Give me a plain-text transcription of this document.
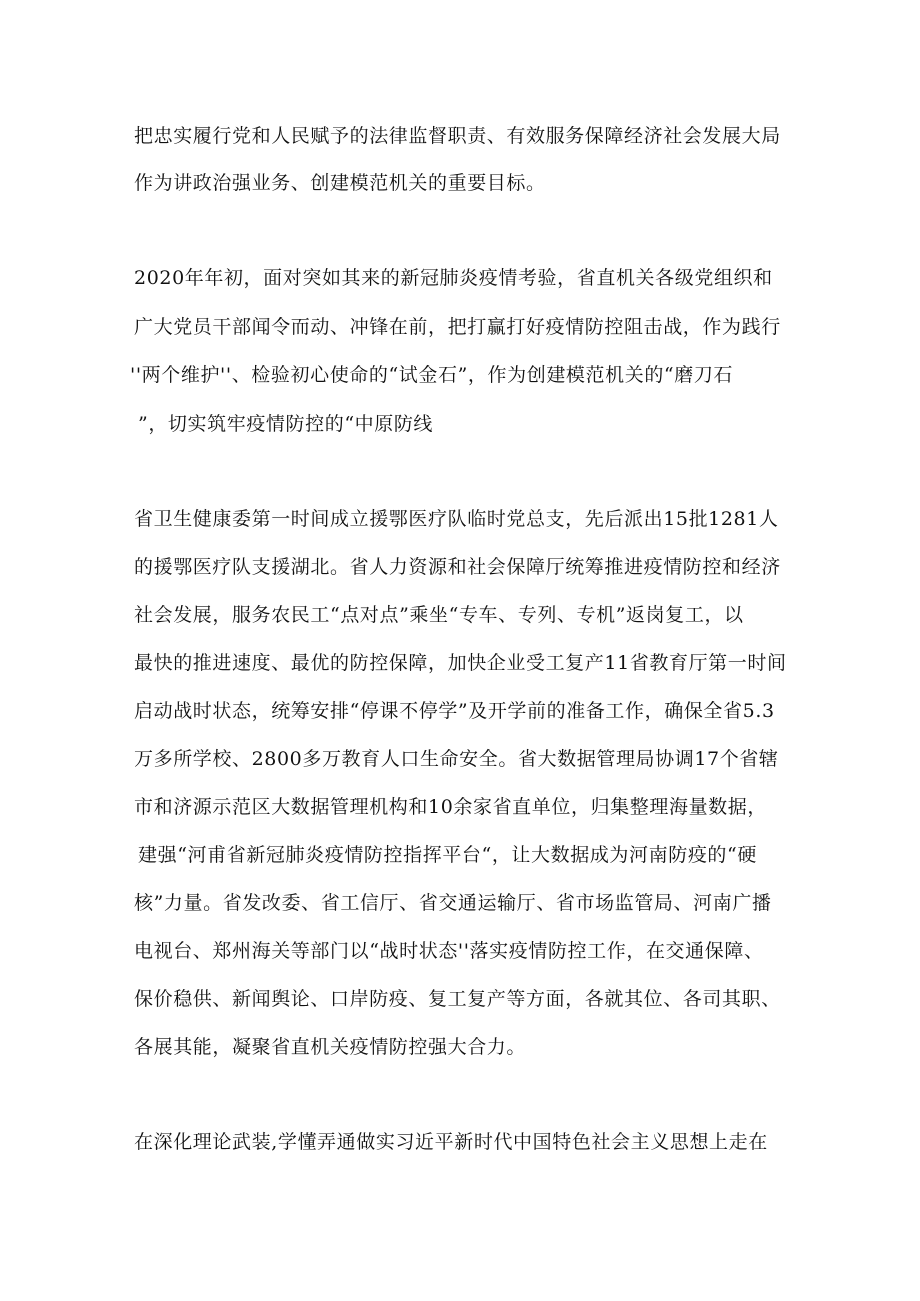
把忠实履行党和人民赋予的法律监督职责、有效服务保障经济社会发展大局
作为讲政治强业务、创建模范机关的重要目标。
2020年年初，面对突如其来的新冠肺炎疫情考验，省直机关各级党组织和
广大党员干部闻令而动、冲锋在前，把打赢打好疫情防控阻击战，作为践行
''两个维护''、检验初心使命的“试金石”，作为创建模范机关的“磨刀石
”，切实筑牢疫情防控的“中原防线
省卫生健康委第一时间成立援鄂医疗队临时党总支，先后派出15批1281人
的援鄂医疗队支援湖北。省人力资源和社会保障厅统筹推进疫情防控和经济
社会发展，服务农民工“点对点”乘坐“专车、专列、专机”返岗复工，以
最快的推进速度、最优的防控保障，加快企业受工复产11省教育厅第一时间
启动战时状态，统筹安排“停课不停学”及开学前的准备工作，确保全省5.3
万多所学校、2800多万教育人口生命安全。省大数据管理局协调17个省辖
市和济源示范区大数据管理机构和10余家省直单位，归集整理海量数据，
建强“河甫省新冠肺炎疫情防控指挥平台“，让大数据成为河南防疫的“硬
核”力量。省发改委、省工信厅、省交通运输厅、省市场监管局、河南广播
电视台、郑州海关等部门以“战时状态''落实疫情防控工作，在交通保障、
保价稳供、新闻舆论、口岸防疫、复工复产等方面，各就其位、各司其职、
各展其能，凝聚省直机关疫情防控强大合力。
在深化理论武装,学懂弄通做实习近平新时代中国特色社会主义思想上走在
